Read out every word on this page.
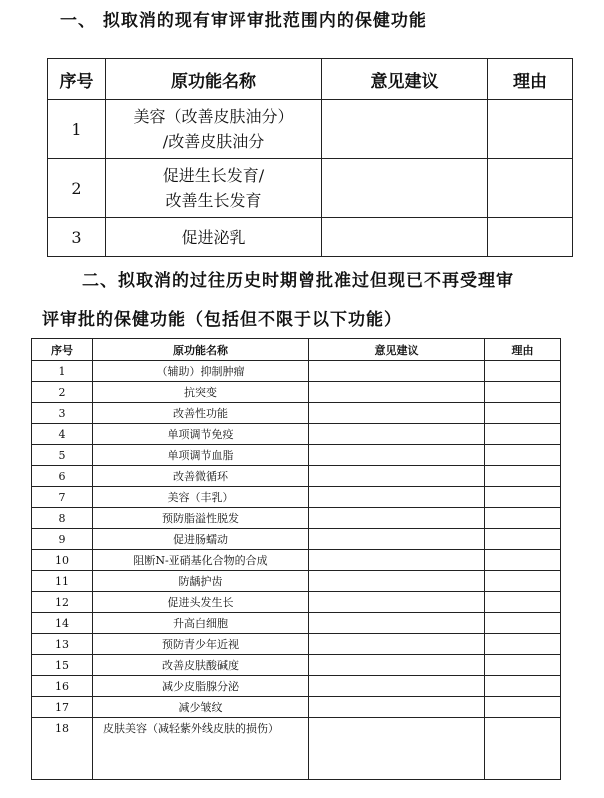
一、 拟取消的现有审评审批范围内的保健功能
序号	原功能名称	意见建议	理由
1	美容（改善皮肤油分）
/改善皮肤油分		

2	促进生长发育/
改善生长发育		

3	促进泌乳		
二、拟取消的过往历史时期曾批准过但现已不再受理审
评审批的保健功能（包括但不限于以下功能）
序号	原功能名称	意见建议	理由
1	（辅助）抑制肿瘤		
2	抗突变		
3	改善性功能		
4	单项调节免疫		
5	单项调节血脂		
6	改善微循环		
7	美容（丰乳）		
8	预防脂溢性脱发		
9	促进肠蠕动		
10	阻断N-亚硝基化合物的合成		
11	防龋护齿		
12	促进头发生长		
14	升高白细胞		
13	预防青少年近视		
15	改善皮肤酸碱度		
16	减少皮脂腺分泌		
17	减少皱纹		

18	皮肤美容（减轻紫外线皮肤的损伤）		
